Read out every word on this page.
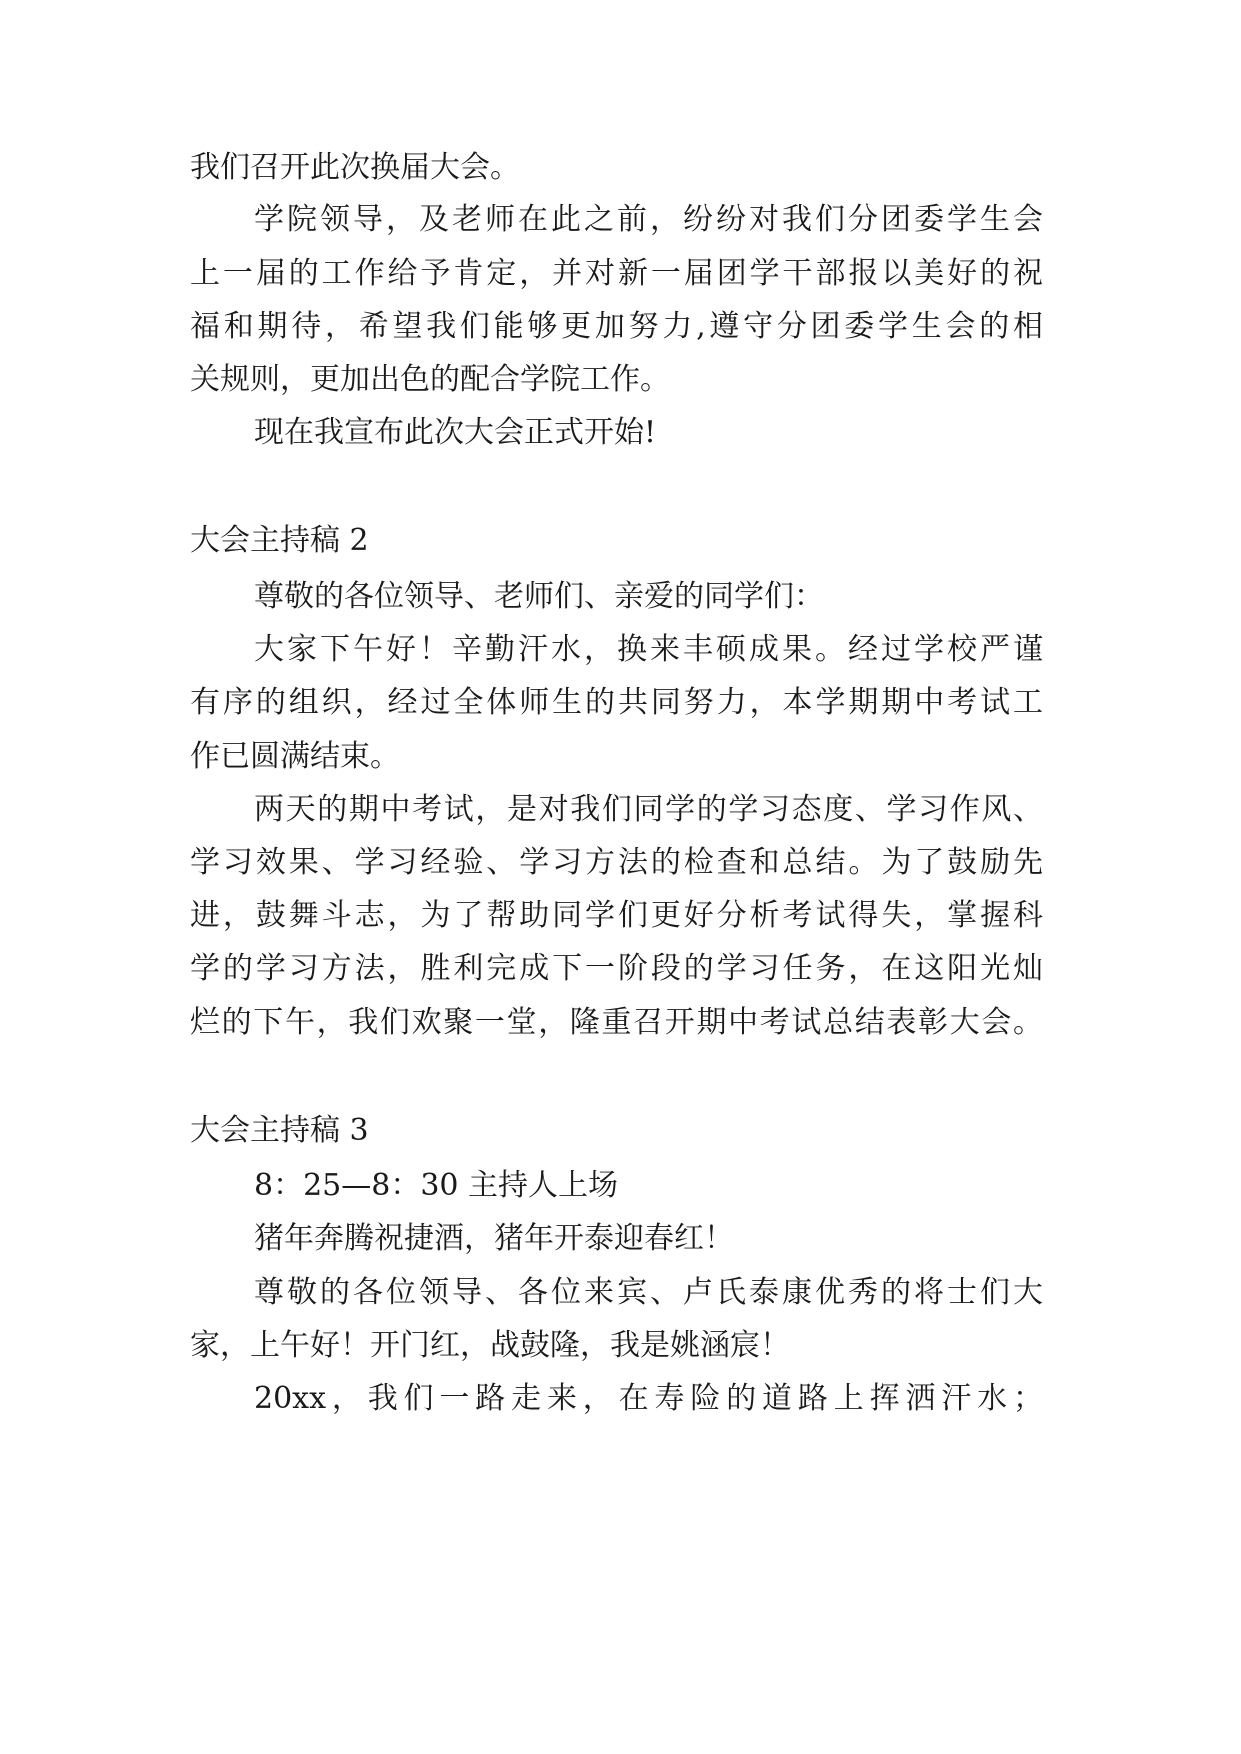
我们召开此次换届大会。
学院领导，及老师在此之前，纷纷对我们分团委学生会
上一届的工作给予肯定，并对新一届团学干部报以美好的祝
福和期待，希望我们能够更加努力,遵守分团委学生会的相
关规则，更加出色的配合学院工作。
现在我宣布此次大会正式开始!
大会主持稿 2
尊敬的各位领导、老师们、亲爱的同学们：
大家下午好！辛勤汗水，换来丰硕成果。经过学校严谨
有序的组织，经过全体师生的共同努力，本学期期中考试工
作已圆满结束。
两天的期中考试，是对我们同学的学习态度、学习作风、
学习效果、学习经验、学习方法的检查和总结。为了鼓励先
进，鼓舞斗志，为了帮助同学们更好分析考试得失，掌握科
学的学习方法，胜利完成下一阶段的学习任务，在这阳光灿
烂的下午，我们欢聚一堂，隆重召开期中考试总结表彰大会。
大会主持稿 3
8：25—8：30 主持人上场
猪年奔腾祝捷酒，猪年开泰迎春红！
尊敬的各位领导、各位来宾、卢氏泰康优秀的将士们大
家，上午好！开门红，战鼓隆，我是姚涵宸！
20xx，我们一路走来，在寿险的道路上挥洒汗水；
